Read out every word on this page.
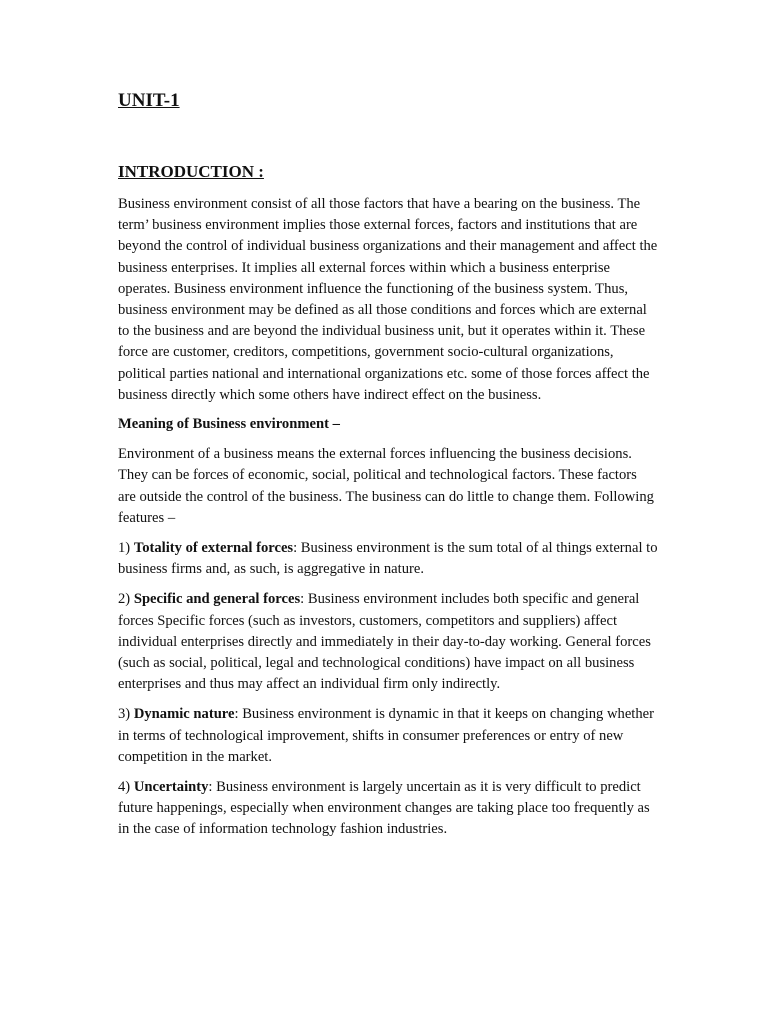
UNIT-1
INTRODUCTION :

Business environment consist of all those factors that have a bearing on the business. The term’ business environment implies those external forces, factors and institutions that are beyond the control of individual business organizations and their management and affect the business enterprises. It implies all external forces within which a business enterprise operates. Business environment influence the functioning of the business system. Thus, business environment may be defined as all those conditions and forces which are external to the business and are beyond the individual business unit, but it operates within it. These force are customer, creditors, competitions, government socio-cultural organizations, political parties national and international organizations etc. some of those forces affect the business directly which some others have indirect effect on the business.

Meaning of Business environment –

Environment of a business means the external forces influencing the business decisions. They can be forces of economic, social, political and technological factors. These factors are outside the control of the business. The business can do little to change them. Following features –

1) Totality of external forces: Business environment is the sum total of al things external to business firms and, as such, is aggregative in nature.

2) Specific and general forces: Business environment includes both specific and general forces Specific forces (such as investors, customers, competitors and suppliers) affect individual enterprises directly and immediately in their day-to-day working. General forces (such as social, political, legal and technological conditions) have impact on all business enterprises and thus may affect an individual firm only indirectly.

3) Dynamic nature: Business environment is dynamic in that it keeps on changing whether in terms of technological improvement, shifts in consumer preferences or entry of new competition in the market.

4) Uncertainty: Business environment is largely uncertain as it is very difficult to predict future happenings, especially when environment changes are taking place too frequently as in the case of information technology fashion industries.
